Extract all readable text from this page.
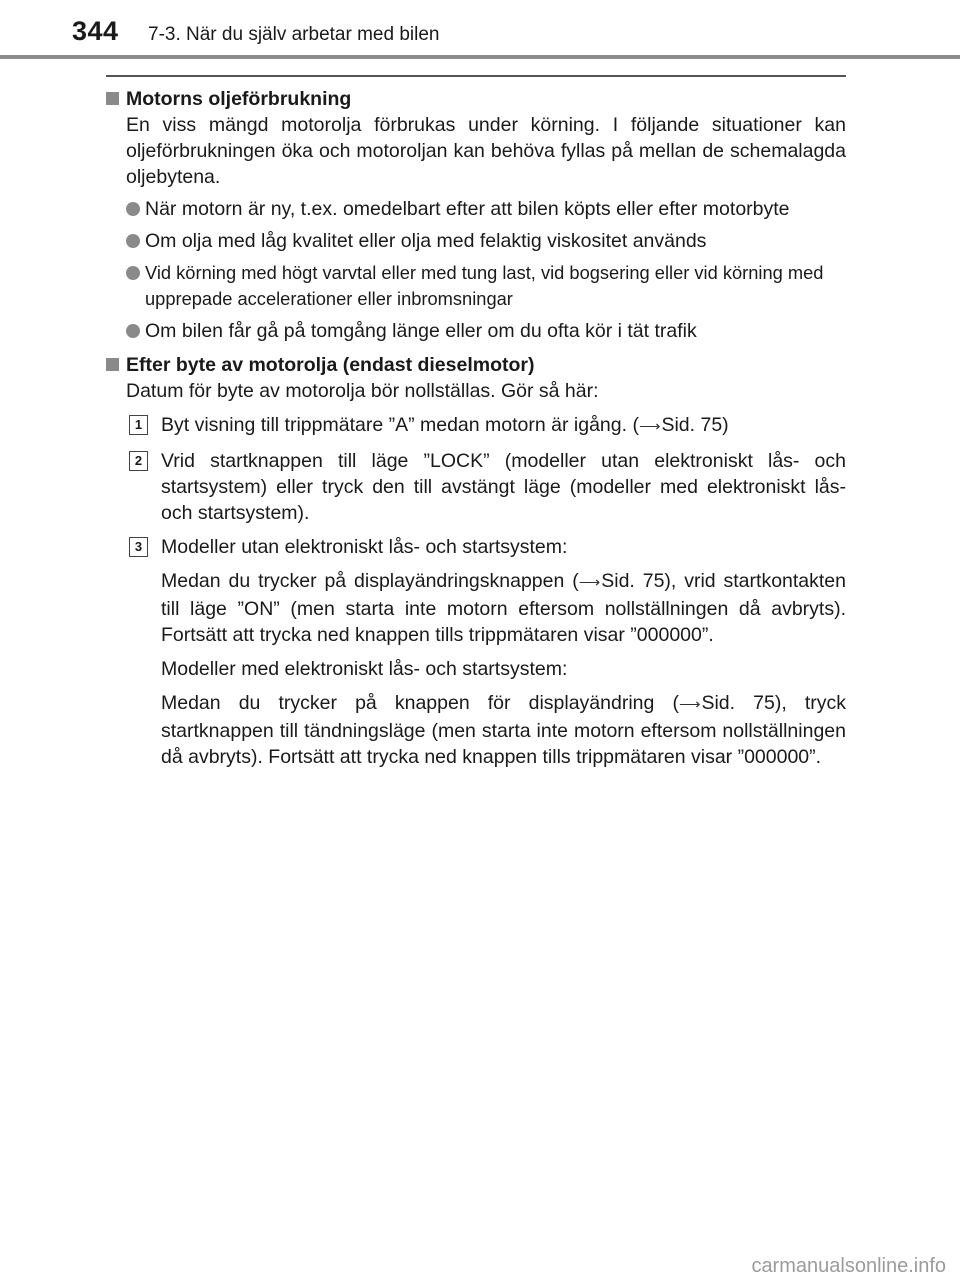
344 7-3. När du själv arbetar med bilen
Motorns oljeförbrukning
En viss mängd motorolja förbrukas under körning. I följande situationer kan oljeförbrukningen öka och motoroljan kan behöva fyllas på mellan de schemalagda oljebytena.
När motorn är ny, t.ex. omedelbart efter att bilen köpts eller efter motorbyte
Om olja med låg kvalitet eller olja med felaktig viskositet används
Vid körning med högt varvtal eller med tung last, vid bogsering eller vid körning med upprepade accelerationer eller inbromsningar
Om bilen får gå på tomgång länge eller om du ofta kör i tät trafik
Efter byte av motorolja (endast dieselmotor)
Datum för byte av motorolja bör nollställas. Gör så här:
1 Byt visning till trippmätare ”A” medan motorn är igång. (⟶Sid. 75)
2 Vrid startknappen till läge ”LOCK” (modeller utan elektroniskt lås- och startsystem) eller tryck den till avstängt läge (modeller med elektroniskt lås- och startsystem).
3 Modeller utan elektroniskt lås- och startsystem:
Medan du trycker på displayändringsknappen (⟶Sid. 75), vrid startkontakten till läge ”ON” (men starta inte motorn eftersom nollställningen då avbryts). Fortsätt att trycka ned knappen tills trippmätaren visar ”000000”.
Modeller med elektroniskt lås- och startsystem:
Medan du trycker på knappen för displayändring (⟶Sid. 75), tryck startknappen till tändningsläge (men starta inte motorn eftersom nollställningen då avbryts). Fortsätt att trycka ned knappen tills trippmätaren visar ”000000”.
carmanualsonline.info
